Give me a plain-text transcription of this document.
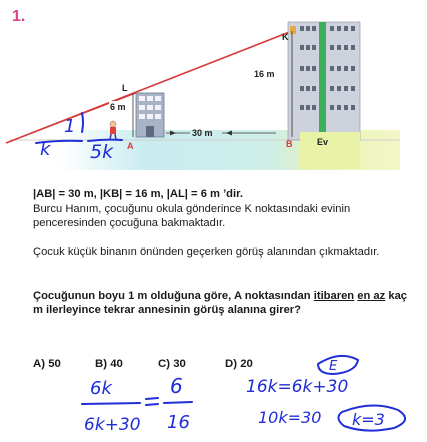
1.
6 m
L
A
30 m
16 m
K
B	Ev
1
k 5k

|AB| = 30 m, |KB| = 16 m, |AL| = 6 m ’dir.

Burcu Hanım, çocuğunu okula gönderince K noktasındaki evinin penceresinden çocuğuna bakmaktadır.

Çocuk küçük binanın önünden geçerken görüş alanından çıkmaktadır.

Çocuğunun boyu 1 m olduğuna göre, A noktasından itibaren en az kaç m ilerleyince tekrar annesinin görüş alanına girer?

A) 50	B) 40	C) 30	D) 20	E
6k
6k+30
6
16
16k=6k+30
10k=30 k=3
